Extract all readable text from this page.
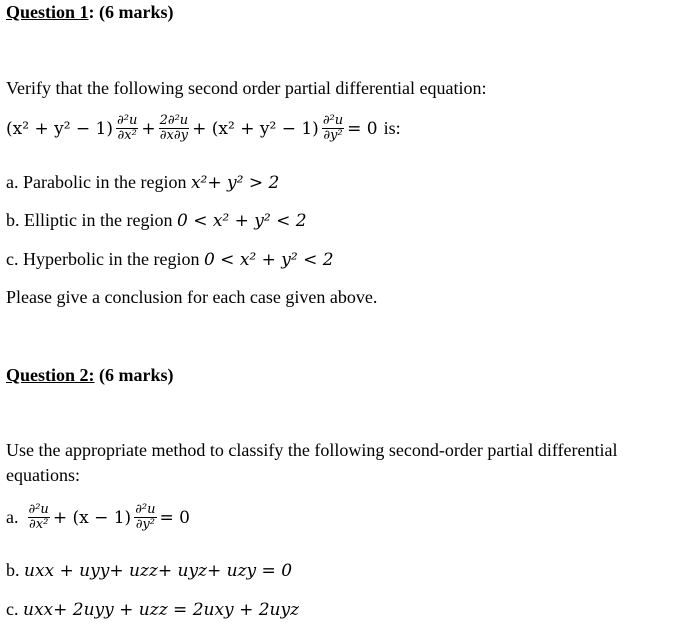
Question 1: (6 marks)
Verify that the following second order partial differential equation:
$(x^2 + y^2 - 1) \frac{\text{∂²u}}{\text{∂x²}} + \frac{\text{2∂²u}}{\partial x\partial y} + (x^2 + y^2 - 1) \frac{\text{∂²u}}{\text{∂y²}} = 0$ is:
a. Parabolic in the region x²+ y² > 2
b. Elliptic in the region 0 < x² + y² < 2
c. Hyperbolic in the region 0 < x² + y² < 2
Please give a conclusion for each case given above.
Question 2: (6 marks)
Use the appropriate method to classify the following second-order partial differential
equations:
a. $\frac{\text{∂²u}}{\text{∂x²}} + (x - 1) \frac{\text{∂²u}}{\text{∂y²}} = 0$
b. uxx + uyy+ uzz+ uyz+ uzy = 0
c. uxx+ 2uyy + uzz = 2uxy + 2uyz
